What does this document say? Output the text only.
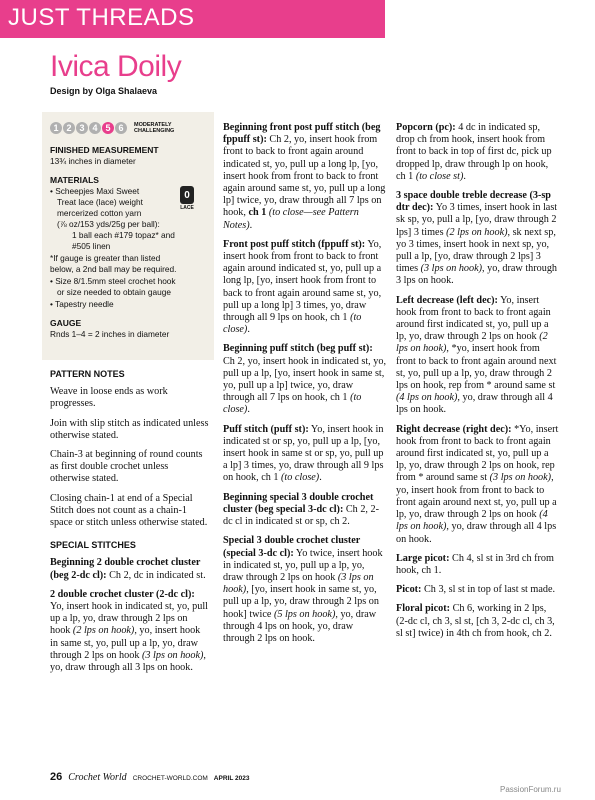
JUST THREADS
Ivica Doily
Design by Olga Shalaeva
1 2 3 4 5 6	MODERATELY
CHALLENGING
FINISHED MEASUREMENT
13¾ inches in diameter
MATERIALS
• Scheepjes Maxi Sweet
Treat lace (lace) weight
mercerized cotton yarn
(⅞ oz/153 yds/25g per ball):
1 ball each #179 topaz* and
#505 linen
*If gauge is greater than listed
below, a 2nd ball may be required.
• Size 8/1.5mm steel crochet hook
or size needed to obtain gauge
• Tapestry needle
GAUGE
Rnds 1–4 = 2 inches in diameter
0
LACE
PATTERN NOTES

Weave in loose ends as work progresses.

Join with slip stitch as indicated unless otherwise stated.

Chain-3 at beginning of round counts as first double crochet unless otherwise stated.

Closing chain-1 at end of a Special Stitch does not count as a chain-1 space or stitch unless otherwise stated.

SPECIAL STITCHES

Beginning 2 double crochet cluster (beg 2-dc cl): Ch 2, dc in indicated st.

2 double crochet cluster (2-dc cl): Yo, insert hook in indicated st, yo, pull up a lp, yo, draw through 2 lps on hook (2 lps on hook), yo, insert hook in same st, yo, pull up a lp, yo, draw through 2 lps on hook (3 lps on hook), yo, draw through all 3 lps on hook.

Beginning front post puff stitch (beg fppuff st): Ch 2, yo, insert hook from front to back to front again around indicated st, yo, pull up a long lp, [yo, insert hook from front to back to front again around same st, yo, pull up a long lp] twice, yo, draw through all 7 lps on hook, ch 1 (to close—see Pattern Notes).

Front post puff stitch (fppuff st): Yo, insert hook from front to back to front again around indicated st, yo, pull up a long lp, [yo, insert hook from front to back to front again around same st, yo, pull up a long lp] 3 times, yo, draw through all 9 lps on hook, ch 1 (to close).

Beginning puff stitch (beg puff st): Ch 2, yo, insert hook in indicated st, yo, pull up a lp, [yo, insert hook in same st, yo, pull up a lp] twice, yo, draw through all 7 lps on hook, ch 1 (to close).

Puff stitch (puff st): Yo, insert hook in indicated st or sp, yo, pull up a lp, [yo, insert hook in same st or sp, yo, pull up a lp] 3 times, yo, draw through all 9 lps on hook, ch 1 (to close).

Beginning special 3 double crochet cluster (beg special 3-dc cl): Ch 2, 2-dc cl in indicated st or sp, ch 2.

Special 3 double crochet cluster (special 3-dc cl): Yo twice, insert hook in indicated st, yo, pull up a lp, yo, draw through 2 lps on hook (3 lps on hook), [yo, insert hook in same st, yo, pull up a lp, yo, draw through 2 lps on hook] twice (5 lps on hook), yo, draw through 4 lps on hook, yo, draw through 2 lps on hook.

Popcorn (pc): 4 dc in indicated sp, drop ch from hook, insert hook from front to back in top of first dc, pick up dropped lp, draw through lp on hook, ch 1 (to close st).

3 space double treble decrease (3-sp dtr dec): Yo 3 times, insert hook in last sk sp, yo, pull a lp, [yo, draw through 2 lps] 3 times (2 lps on hook), sk next sp, yo 3 times, insert hook in next sp, yo, pull a lp, [yo, draw through 2 lps] 3 times (3 lps on hook), yo, draw through 3 lps on hook.

Left decrease (left dec): Yo, insert hook from front to back to front again around first indicated st, yo, pull up a lp, yo, draw through 2 lps on hook (2 lps on hook), *yo, insert hook from front to back to front again around next st, yo, pull up a lp, yo, draw through 2 lps on hook, rep from * around same st (4 lps on hook), yo, draw through all 4 lps on hook.

Right decrease (right dec): *Yo, insert hook from front to back to front again around first indicated st, yo, pull up a lp, yo, draw through 2 lps on hook, rep from * around same st (3 lps on hook), yo, insert hook from front to back to front again around next st, yo, pull up a lp, yo, draw through 2 lps on hook (4 lps on hook), yo, draw through all 4 lps on hook.

Large picot: Ch 4, sl st in 3rd ch from hook, ch 1.

Picot: Ch 3, sl st in top of last st made.

Floral picot: Ch 6, working in 2 lps, (2-dc cl, ch 3, sl st, [ch 3, 2-dc cl, ch 3, sl st] twice) in 4th ch from hook, ch 2.

26 Crochet World CROCHET-WORLD.COM APRIL 2023
PassionForum.ru
